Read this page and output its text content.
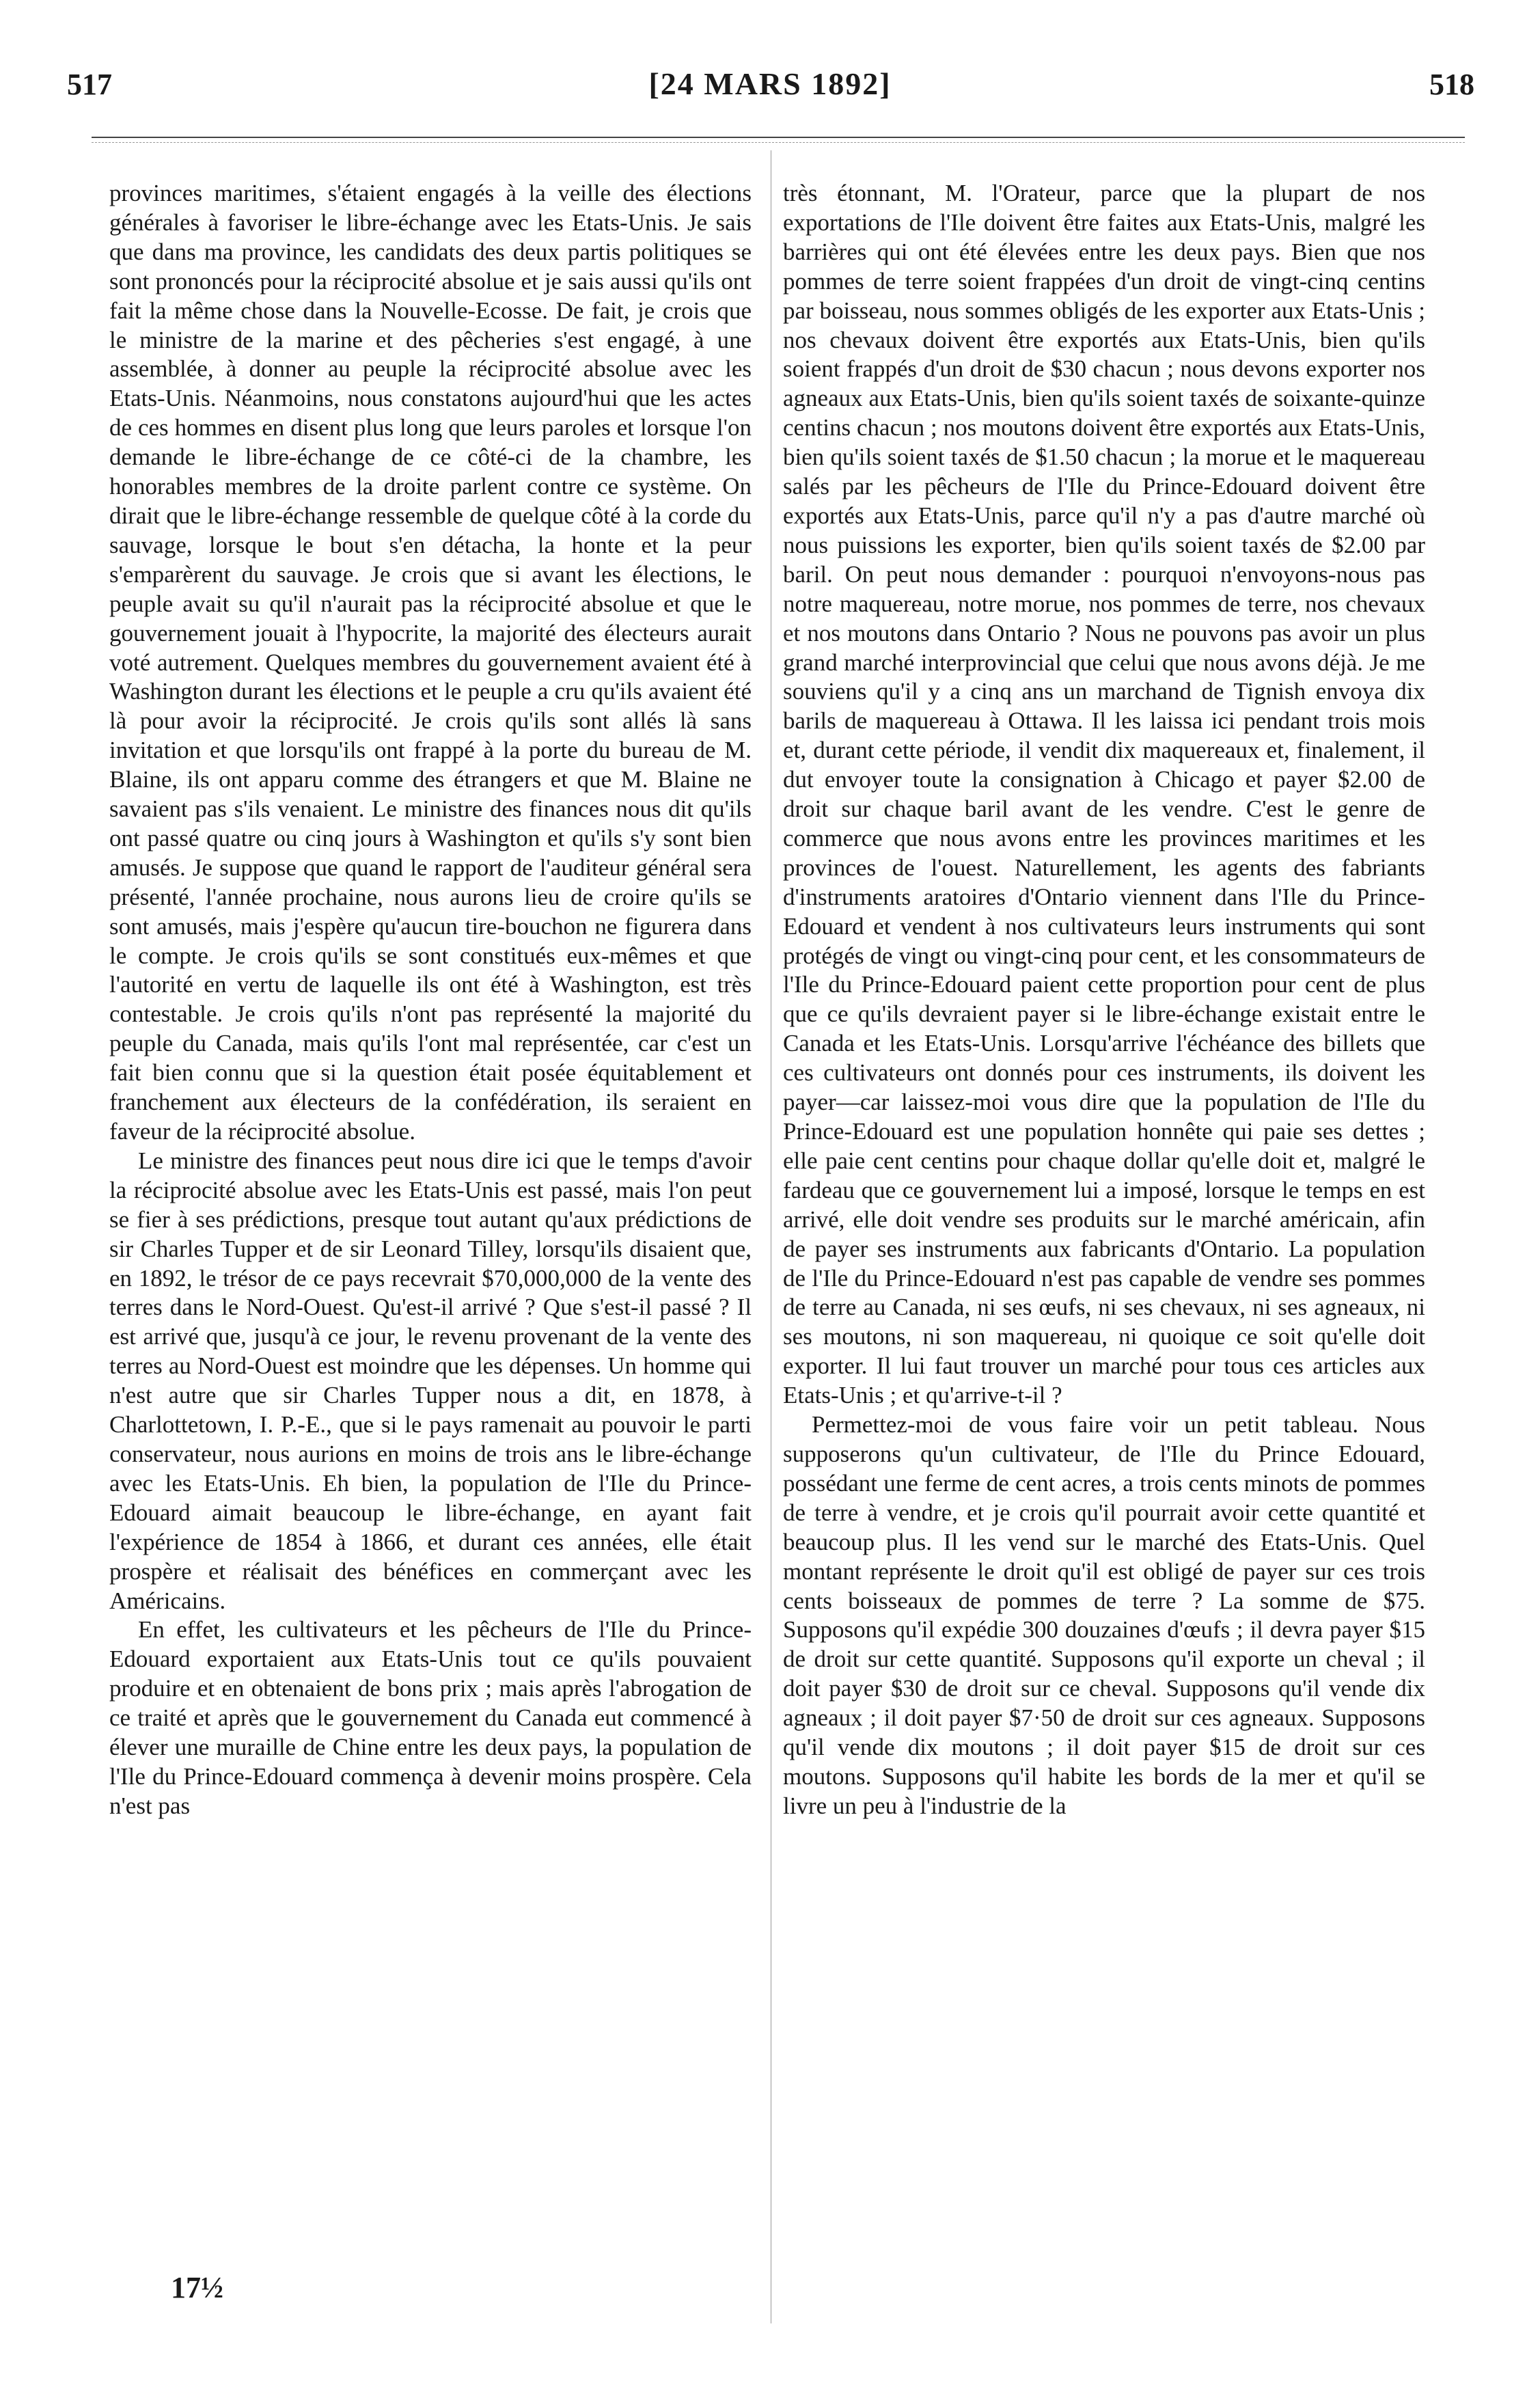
517	[24 MARS 1892]	518

provinces maritimes, s'étaient engagés à la veille des élections générales à favoriser le libre-échange avec les Etats-Unis. Je sais que dans ma province, les candidats des deux partis politiques se sont prononcés pour la réciprocité absolue et je sais aussi qu'ils ont fait la même chose dans la Nouvelle-Ecosse. De fait, je crois que le ministre de la marine et des pêcheries s'est engagé, à une assemblée, à donner au peuple la réciprocité absolue avec les Etats-Unis. Néanmoins, nous constatons aujourd'hui que les actes de ces hommes en disent plus long que leurs paroles et lorsque l'on demande le libre-échange de ce côté-ci de la chambre, les honorables membres de la droite parlent contre ce système. On dirait que le libre-échange ressemble de quelque côté à la corde du sauvage, lorsque le bout s'en détacha, la honte et la peur s'emparèrent du sauvage. Je crois que si avant les élections, le peuple avait su qu'il n'aurait pas la réciprocité absolue et que le gouvernement jouait à l'hypocrite, la majorité des électeurs aurait voté autrement. Quelques membres du gouvernement avaient été à Washington durant les élections et le peuple a cru qu'ils avaient été là pour avoir la réciprocité. Je crois qu'ils sont allés là sans invitation et que lorsqu'ils ont frappé à la porte du bureau de M. Blaine, ils ont apparu comme des étrangers et que M. Blaine ne savaient pas s'ils venaient. Le ministre des finances nous dit qu'ils ont passé quatre ou cinq jours à Washington et qu'ils s'y sont bien amusés. Je suppose que quand le rapport de l'auditeur général sera présenté, l'année prochaine, nous aurons lieu de croire qu'ils se sont amusés, mais j'espère qu'aucun tire-bouchon ne figurera dans le compte. Je crois qu'ils se sont constitués eux-mêmes et que l'autorité en vertu de laquelle ils ont été à Washington, est très contestable. Je crois qu'ils n'ont pas représenté la majorité du peuple du Canada, mais qu'ils l'ont mal représentée, car c'est un fait bien connu que si la question était posée équitablement et franchement aux électeurs de la confédération, ils seraient en faveur de la réciprocité absolue.

Le ministre des finances peut nous dire ici que le temps d'avoir la réciprocité absolue avec les Etats-Unis est passé, mais l'on peut se fier à ses prédictions, presque tout autant qu'aux prédictions de sir Charles Tupper et de sir Leonard Tilley, lorsqu'ils disaient que, en 1892, le trésor de ce pays recevrait $70,000,000 de la vente des terres dans le Nord-Ouest. Qu'est-il arrivé ? Que s'est-il passé ? Il est arrivé que, jusqu'à ce jour, le revenu provenant de la vente des terres au Nord-Ouest est moindre que les dépenses. Un homme qui n'est autre que sir Charles Tupper nous a dit, en 1878, à Charlottetown, I. P.-E., que si le pays ramenait au pouvoir le parti conservateur, nous aurions en moins de trois ans le libre-échange avec les Etats-Unis. Eh bien, la population de l'Ile du Prince-Edouard aimait beaucoup le libre-échange, en ayant fait l'expérience de 1854 à 1866, et durant ces années, elle était prospère et réalisait des bénéfices en commerçant avec les Américains.

En effet, les cultivateurs et les pêcheurs de l'Ile du Prince-Edouard exportaient aux Etats-Unis tout ce qu'ils pouvaient produire et en obtenaient de bons prix ; mais après l'abrogation de ce traité et après que le gouvernement du Canada eut commencé à élever une muraille de Chine entre les deux pays, la population de l'Ile du Prince-Edouard commença à devenir moins prospère. Cela n'est pas

très étonnant, M. l'Orateur, parce que la plupart de nos exportations de l'Ile doivent être faites aux Etats-Unis, malgré les barrières qui ont été élevées entre les deux pays. Bien que nos pommes de terre soient frappées d'un droit de vingt-cinq centins par boisseau, nous sommes obligés de les exporter aux Etats-Unis ; nos chevaux doivent être exportés aux Etats-Unis, bien qu'ils soient frappés d'un droit de $30 chacun ; nous devons exporter nos agneaux aux Etats-Unis, bien qu'ils soient taxés de soixante-quinze centins chacun ; nos moutons doivent être exportés aux Etats-Unis, bien qu'ils soient taxés de $1.50 chacun ; la morue et le maquereau salés par les pêcheurs de l'Ile du Prince-Edouard doivent être exportés aux Etats-Unis, parce qu'il n'y a pas d'autre marché où nous puissions les exporter, bien qu'ils soient taxés de $2.00 par baril. On peut nous demander : pourquoi n'envoyons-nous pas notre maquereau, notre morue, nos pommes de terre, nos chevaux et nos moutons dans Ontario ? Nous ne pouvons pas avoir un plus grand marché interprovincial que celui que nous avons déjà. Je me souviens qu'il y a cinq ans un marchand de Tignish envoya dix barils de maquereau à Ottawa. Il les laissa ici pendant trois mois et, durant cette période, il vendit dix maquereaux et, finalement, il dut envoyer toute la consignation à Chicago et payer $2.00 de droit sur chaque baril avant de les vendre. C'est le genre de commerce que nous avons entre les provinces maritimes et les provinces de l'ouest. Naturellement, les agents des fabriants d'instruments aratoires d'Ontario viennent dans l'Ile du Prince-Edouard et vendent à nos cultivateurs leurs instruments qui sont protégés de vingt ou vingt-cinq pour cent, et les consommateurs de l'Ile du Prince-Edouard paient cette proportion pour cent de plus que ce qu'ils devraient payer si le libre-échange existait entre le Canada et les Etats-Unis. Lorsqu'arrive l'échéance des billets que ces cultivateurs ont donnés pour ces instruments, ils doivent les payer—car laissez-moi vous dire que la population de l'Ile du Prince-Edouard est une population honnête qui paie ses dettes ; elle paie cent centins pour chaque dollar qu'elle doit et, malgré le fardeau que ce gouvernement lui a imposé, lorsque le temps en est arrivé, elle doit vendre ses produits sur le marché américain, afin de payer ses instruments aux fabricants d'Ontario. La population de l'Ile du Prince-Edouard n'est pas capable de vendre ses pommes de terre au Canada, ni ses œufs, ni ses chevaux, ni ses agneaux, ni ses moutons, ni son maquereau, ni quoique ce soit qu'elle doit exporter. Il lui faut trouver un marché pour tous ces articles aux Etats-Unis ; et qu'arrive-t-il ?

Permettez-moi de vous faire voir un petit tableau. Nous supposerons qu'un cultivateur, de l'Ile du Prince Edouard, possédant une ferme de cent acres, a trois cents minots de pommes de terre à vendre, et je crois qu'il pourrait avoir cette quantité et beaucoup plus. Il les vend sur le marché des Etats-Unis. Quel montant représente le droit qu'il est obligé de payer sur ces trois cents boisseaux de pommes de terre ? La somme de $75. Supposons qu'il expédie 300 douzaines d'œufs ; il devra payer $15 de droit sur cette quantité. Supposons qu'il exporte un cheval ; il doit payer $30 de droit sur ce cheval. Supposons qu'il vende dix agneaux ; il doit payer $7·50 de droit sur ces agneaux. Supposons qu'il vende dix moutons ; il doit payer $15 de droit sur ces moutons. Supposons qu'il habite les bords de la mer et qu'il se livre un peu à l'industrie de la

17½
